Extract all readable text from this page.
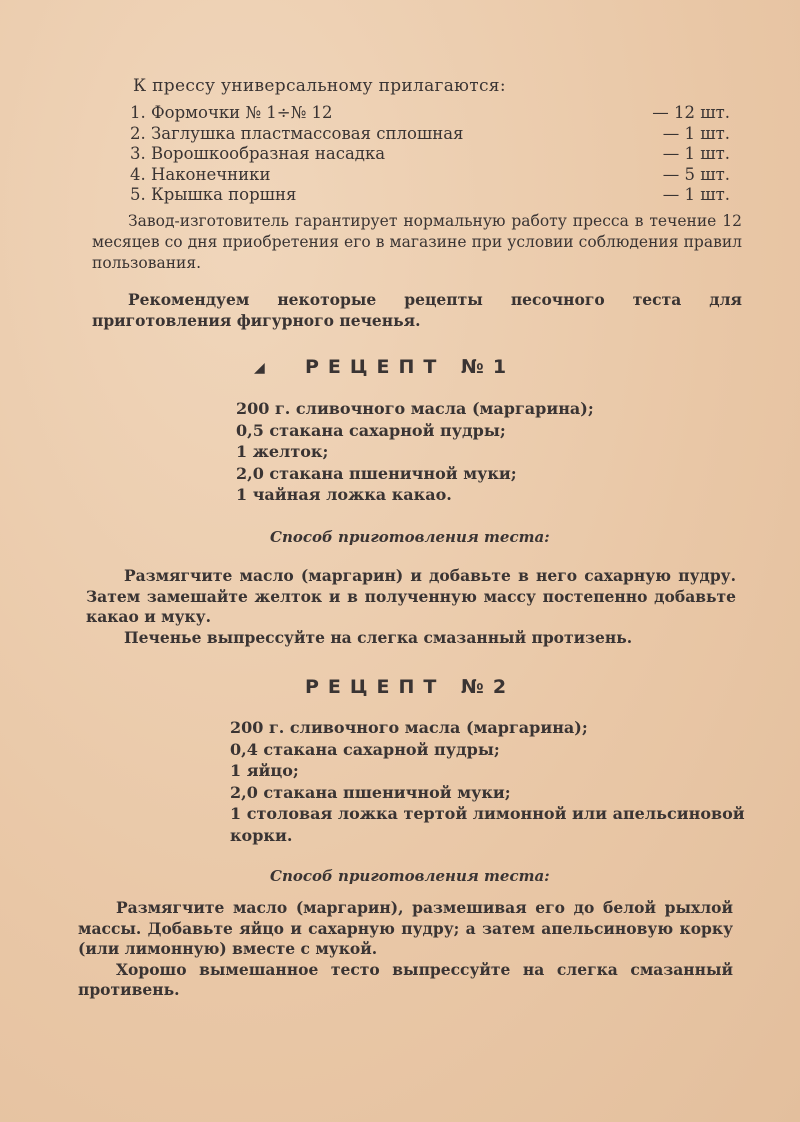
К прессу универсальному прилагаются:
1. Формочки № 1÷№ 12	— 12 шт.
2. Заглушка пластмассовая сплошная	— 1 шт.
3. Ворошкообразная насадка	— 1 шт.
4. Наконечники	— 5 шт.
5. Крышка поршня	— 1 шт.
Завод-изготовитель гарантирует нормальную работу пресса в течение 12 месяцев со дня приобретения его в магазине при условии соблюдения правил пользования.
Рекомендуем некоторые рецепты песочного теста для приготовления фигурного печенья.
◢ РЕЦЕПТ №1
200 г. сливочного масла (маргарина);
0,5 стакана сахарной пудры;
1 желток;
2,0 стакана пшеничной муки;
1 чайная ложка какао.
Способ приготовления теста:

Размягчите масло (маргарин) и добавьте в него сахарную пудру. Затем замешайте желток и в полученную массу постепенно добавьте какао и муку.

Печенье выпрессуйте на слегка смазанный протизень.

РЕЦЕПТ №2
200 г. сливочного масла (маргарина);
0,4 стакана сахарной пудры;
1 яйцо;
2,0 стакана пшеничной муки;
1 столовая ложка тертой лимонной или апельсиновой корки.
Способ приготовления теста:

Размягчите масло (маргарин), размешивая его до белой рыхлой массы. Добавьте яйцо и сахарную пудру; а затем апельсиновую корку (или лимонную) вместе с мукой.

Хорошо вымешанное тесто выпрессуйте на слегка смазанный противень.
